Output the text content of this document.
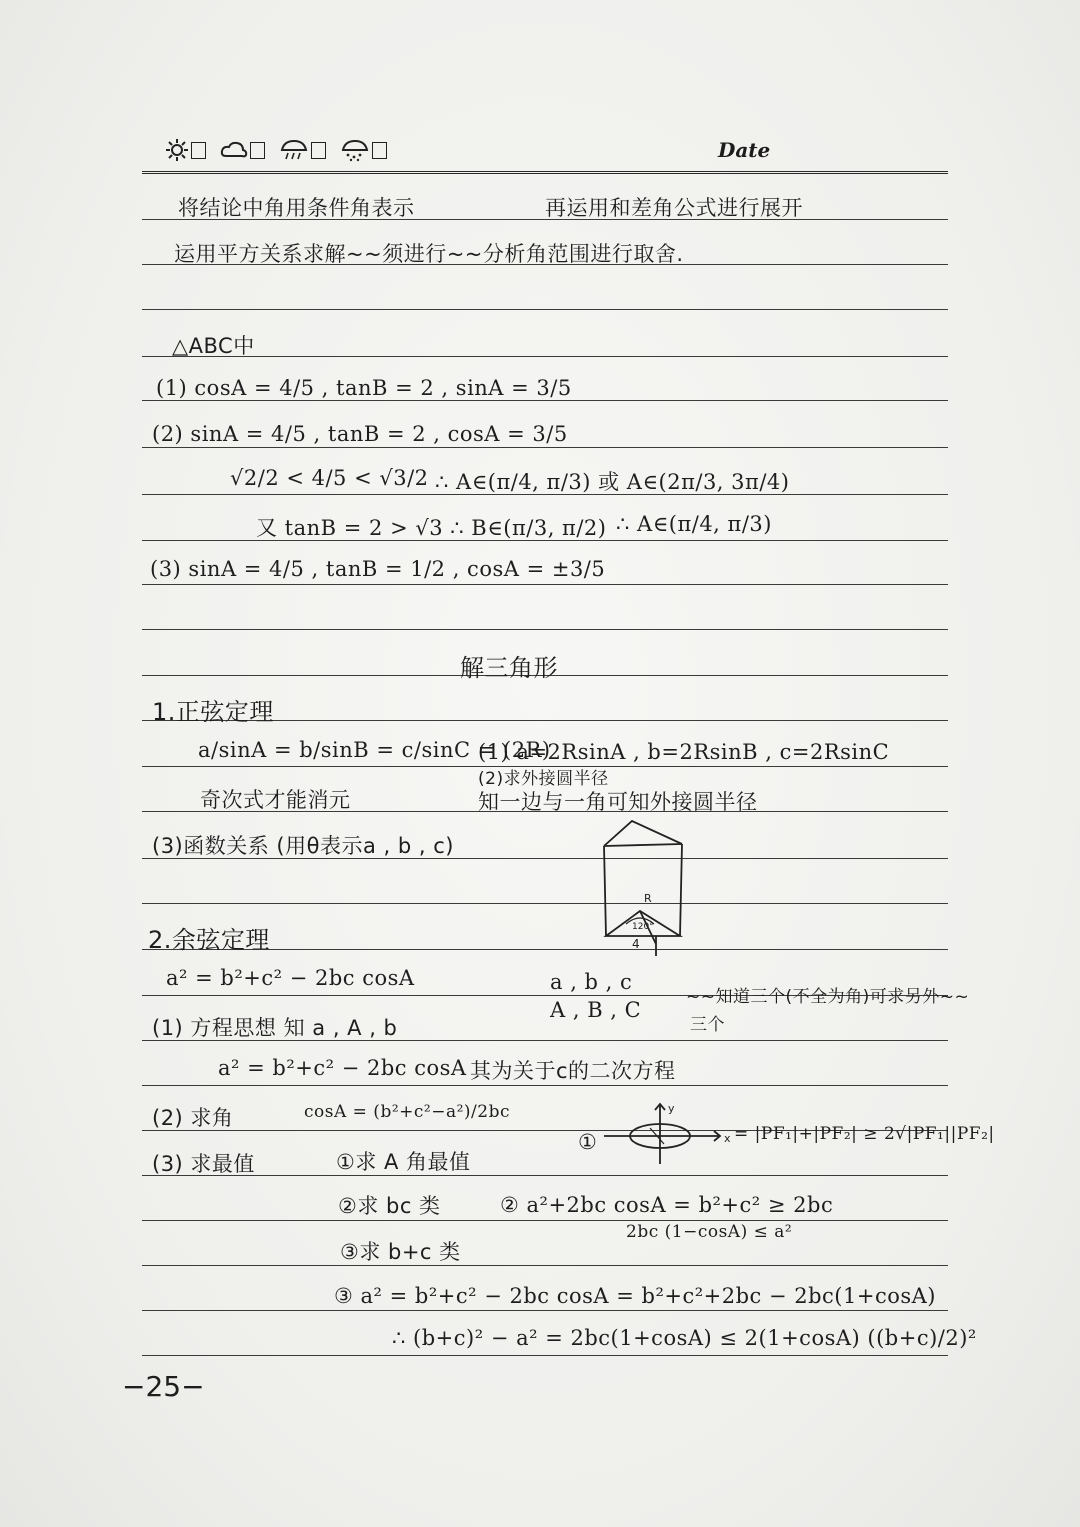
Date
将结论中角用条件角表示	再运用和差角公式进行展开
运用平方关系求解~~须进行~~分析角范围进行取舍.
△ABC中
(1) cosA = 4/5 , tanB = 2 , sinA = 3/5
(2) sinA = 4/5 , tanB = 2 , cosA = 3/5
√2/2 < 4/5 < √3/2 ∴ A∈(π/4, π/3) 或 A∈(2π/3, 3π/4)
又 tanB = 2 > √3 ∴ B∈(π/3, π/2) ∴ A∈(π/4, π/3)
(3) sinA = 4/5 , tanB = 1/2 , cosA = ±3/5
解三角形
1.正弦定理
a/sinA = b/sinB = c/sinC = (2R)
(1) a=2RsinA , b=2RsinB , c=2RsinC
(2)求外接圆半径
奇次式才能消元	知一边与一角可知外接圆半径
(3)函数关系 (用θ表示a , b , c)
2.余弦定理
a² = b²+c² − 2bc cosA	a , b , c
~~知道三个(不全为角)可求另外~~
A , B , C
(1) 方程思想 知 a , A , b	三个
a² = b²+c² − 2bc cosA 其为关于c的二次方程
(2) 求角	cosA = (b²+c²−a²)/2bc
①	= |PF₁|+|PF₂| ≥ 2√|PF₁||PF₂|
(3) 求最值	①求 A 角最值
②求 bc 类	② a²+2bc cosA = b²+c² ≥ 2bc
2bc (1−cosA) ≤ a²
③求 b+c 类
③ a² = b²+c² − 2bc cosA = b²+c²+2bc − 2bc(1+cosA)
∴ (b+c)² − a² = 2bc(1+cosA) ≤ 2(1+cosA) ((b+c)/2)²
−25−
R
120°
4
y
x
